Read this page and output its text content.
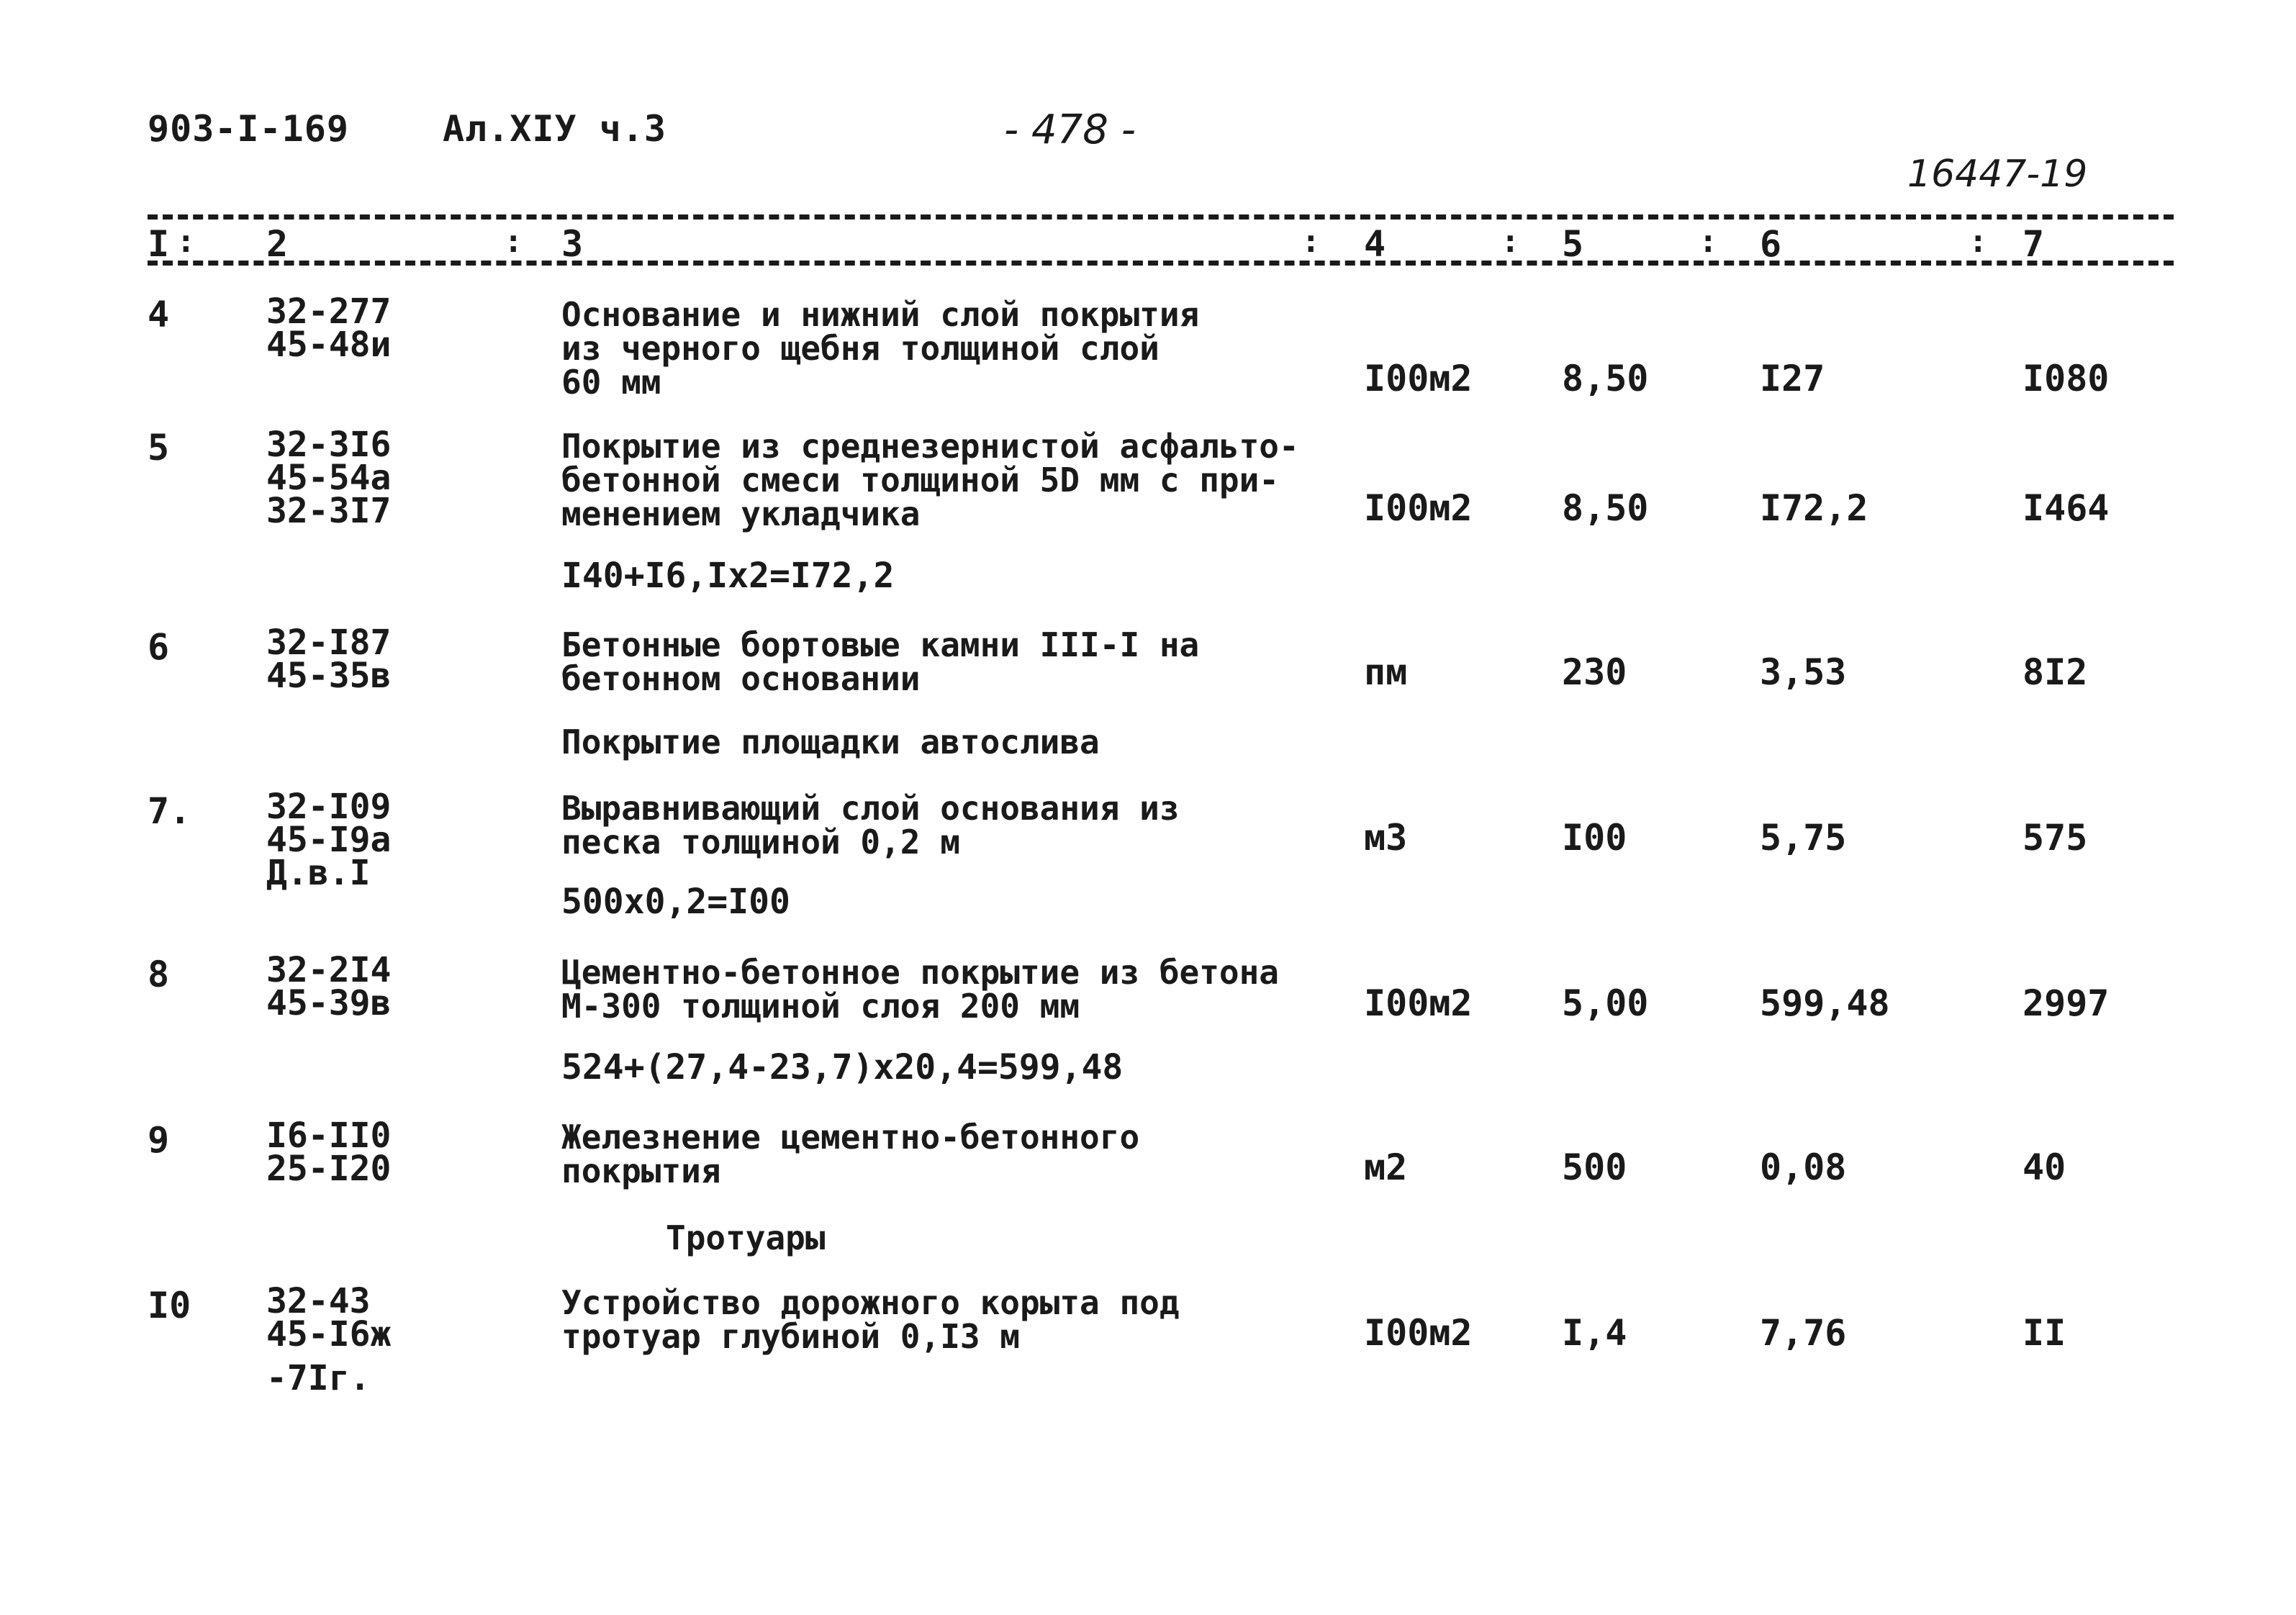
903-I-169	Ал.XIУ ч.3	- 478 -
16447-19
I : 2	: 3	: 4	: 5	: 6	: 7
4	32-277
45-48и
Основание и нижний слой покрытия
из черного щебня толщиной слой
60 мм	I00м2 8,50	I27	I080
5	32-3I6
45-54а
32-3I7
Покрытие из среднезернистой асфальто-
бетонной смеси толщиной 5D мм с при-
менением укладчика	I00м2 8,50	I72,2	I464
I40+I6,Iх2=I72,2
6	32-I87
45-35в
Бетонные бортовые камни III-I на
бетонном основании	пм	230	3,53	8I2
Покрытие площадки автослива
7. 32-I09
45-I9а
Д.в.I
Выравнивающий слой основания из
песка толщиной 0,2 м	м3	I00	5,75	575
500х0,2=I00
8	32-2I4
45-39в
Цементно-бетонное покрытие из бетона
М-300 толщиной слоя 200 мм	I00м2 5,00	599,48	2997
524+(27,4-23,7)х20,4=599,48
9	I6-II0
25-I20
Железнение цементно-бетонного
покрытия	м2	500	0,08	40
Тротуары
I0 32-43
45-I6ж
-7Iг.
Устройство дорожного корыта под
тротуар глубиной 0,I3 м	I00м2 I,4	7,76	II
